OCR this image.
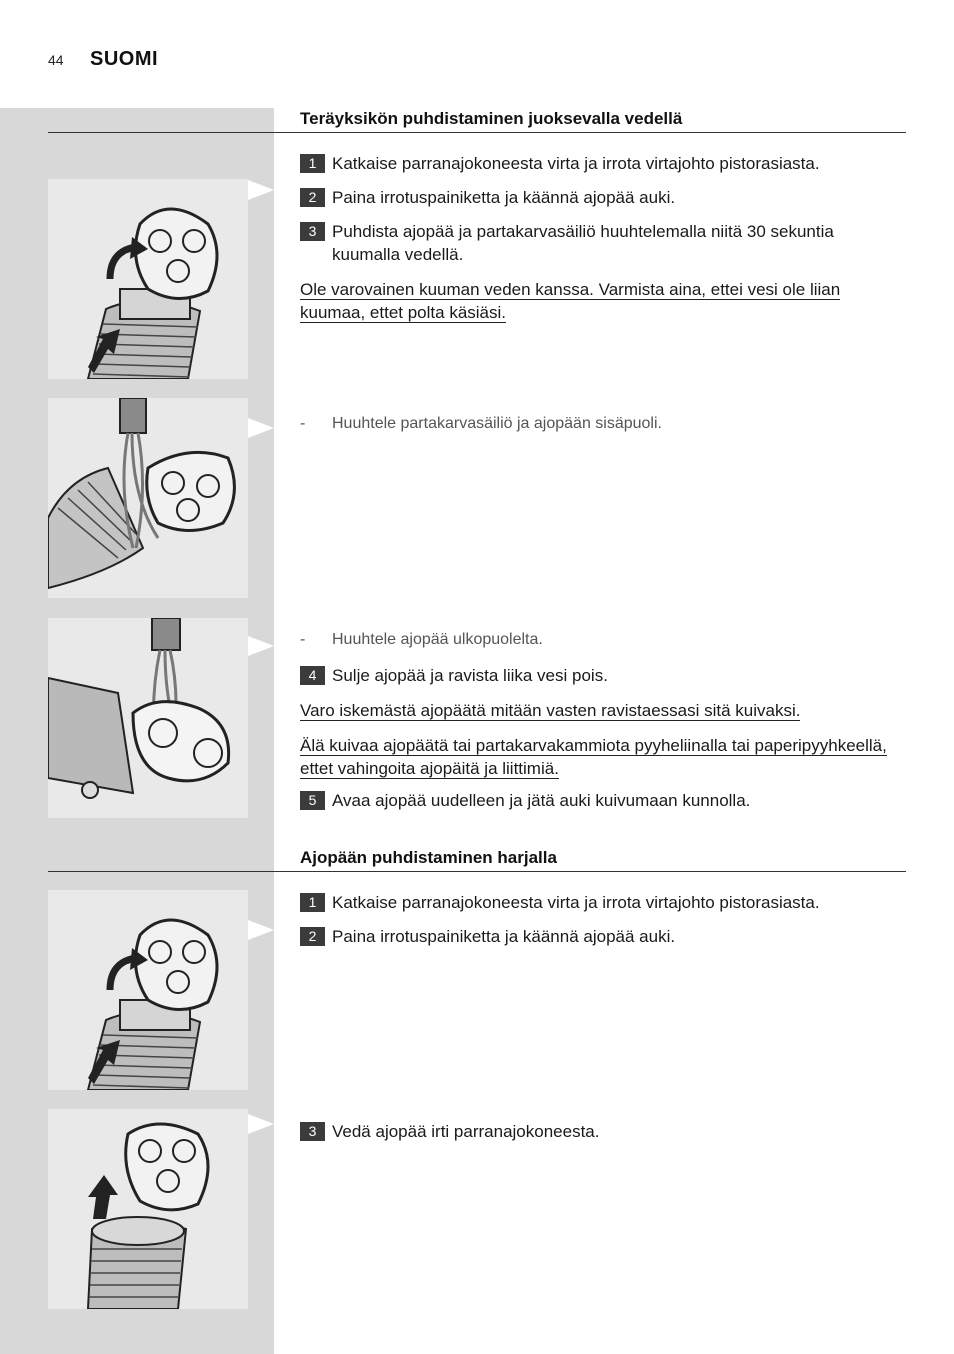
44 SUOMI
Teräyksikön puhdistaminen juoksevalla vedellä
1 Katkaise parranajokoneesta virta ja irrota virtajohto pistorasiasta.
2 Paina irrotuspainiketta ja käännä ajopää auki.
3 Puhdista ajopää ja partakarvasäiliö huuhtelemalla niitä 30 sekuntia kuumalla vedellä.
Ole varovainen kuuman veden kanssa. Varmista aina, ettei vesi ole liian kuumaa, ettet polta käsiäsi.
- Huuhtele partakarvasäiliö ja ajopään sisäpuoli.
- Huuhtele ajopää ulkopuolelta.
4 Sulje ajopää ja ravista liika vesi pois.
Varo iskemästä ajopäätä mitään vasten ravistaessasi sitä kuivaksi.
Älä kuivaa ajopäätä tai partakarvakammiota pyyheliinalla tai paperipyyhkeellä, ettet vahingoita ajopäitä ja liittimiä.
5 Avaa ajopää uudelleen ja jätä auki kuivumaan kunnolla.
Ajopään puhdistaminen harjalla
1 Katkaise parranajokoneesta virta ja irrota virtajohto pistorasiasta.
2 Paina irrotuspainiketta ja käännä ajopää auki.
3 Vedä ajopää irti parranajokoneesta.
